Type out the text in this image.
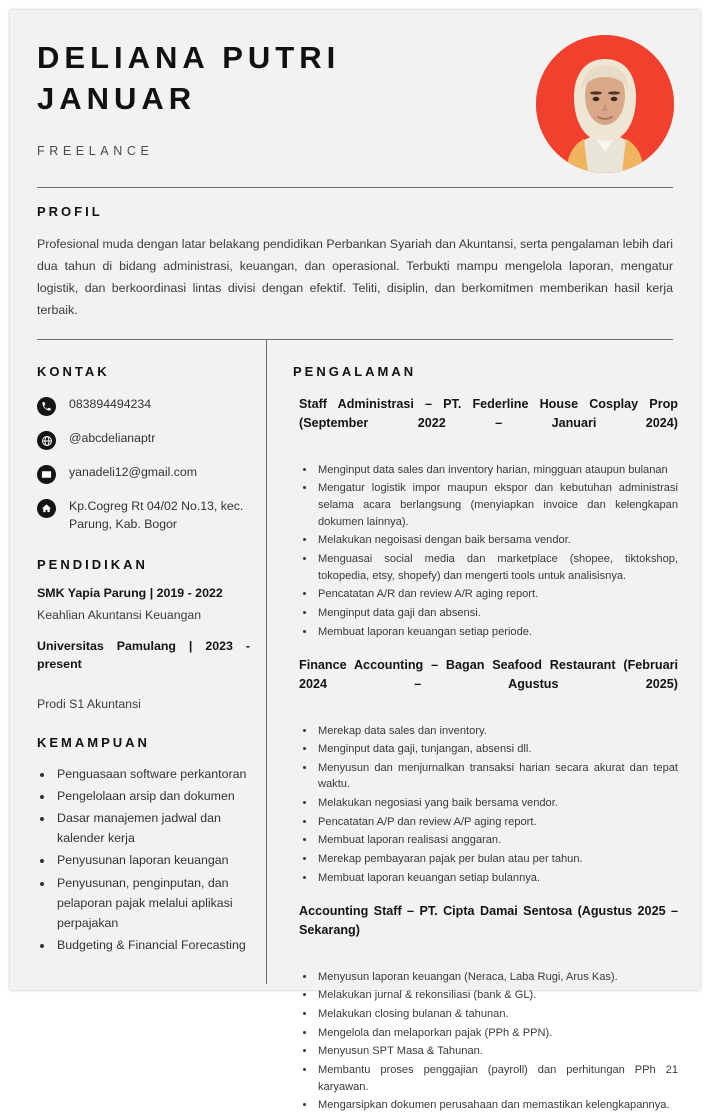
DELIANA PUTRI JANUAR
FREELANCE
PROFIL

Profesional muda dengan latar belakang pendidikan Perbankan Syariah dan Akuntansi, serta pengalaman lebih dari dua tahun di bidang administrasi, keuangan, dan operasional. Terbukti mampu mengelola laporan, mengatur logistik, dan berkoordinasi lintas divisi dengan efektif. Teliti, disiplin, dan berkomitmen memberikan hasil kerja terbaik.

KONTAK
083894494234
@abcdelianaptr
yanadeli12@gmail.com
Kp.Cogreg Rt 04/02 No.13, kec. Parung, Kab. Bogor
PENDIDIKAN
SMK Yapia Parung | 2019 - 2022
Keahlian Akuntansi Keuangan
Universitas Pamulang | 2023 - present
Prodi S1 Akuntansi
KEMAMPUAN
• Penguasaan software perkantoran
• Pengelolaan arsip dan dokumen
• Dasar manajemen jadwal dan kalender kerja
• Penyusunan laporan keuangan
• Penyusunan, penginputan, dan pelaporan pajak melalui aplikasi perpajakan
• Budgeting & Financial Forecasting
PENGALAMAN
Staff Administrasi – PT. Federline House Cosplay Prop (September 2022 – Januari 2024)
• Menginput data sales dan inventory harian, mingguan ataupun bulanan
• Mengatur logistik impor maupun ekspor dan kebutuhan administrasi selama acara berlangsung (menyiapkan invoice dan kelengkapan dokumen lainnya).
• Melakukan negoisasi dengan baik bersama vendor.
• Menguasai social media dan marketplace (shopee, tiktokshop, tokopedia, etsy, shopefy) dan mengerti tools untuk analisisnya.
• Pencatatan A/R dan review A/R aging report.
• Menginput data gaji dan absensi.
• Membuat laporan keuangan setiap periode.
Finance Accounting – Bagan Seafood Restaurant (Februari 2024 – Agustus 2025)
• Merekap data sales dan inventory.
• Menginput data gaji, tunjangan, absensi dll.
• Menyusun dan menjurnalkan transaksi harian secara akurat dan tepat waktu.
• Melakukan negosiasi yang baik bersama vendor.
• Pencatatan A/P dan review A/P aging report.
• Membuat laporan realisasi anggaran.
• Merekap pembayaran pajak per bulan atau per tahun.
• Membuat laporan keuangan setiap bulannya.
Accounting Staff – PT. Cipta Damai Sentosa (Agustus 2025 – Sekarang)
• Menyusun laporan keuangan (Neraca, Laba Rugi, Arus Kas).
• Melakukan jurnal & rekonsiliasi (bank & GL).
• Melakukan closing bulanan & tahunan.
• Mengelola dan melaporkan pajak (PPh & PPN).
• Menyusun SPT Masa & Tahunan.
• Membantu proses penggajian (payroll) dan perhitungan PPh 21 karyawan.
• Mengarsipkan dokumen perusahaan dan memastikan kelengkapannya.
